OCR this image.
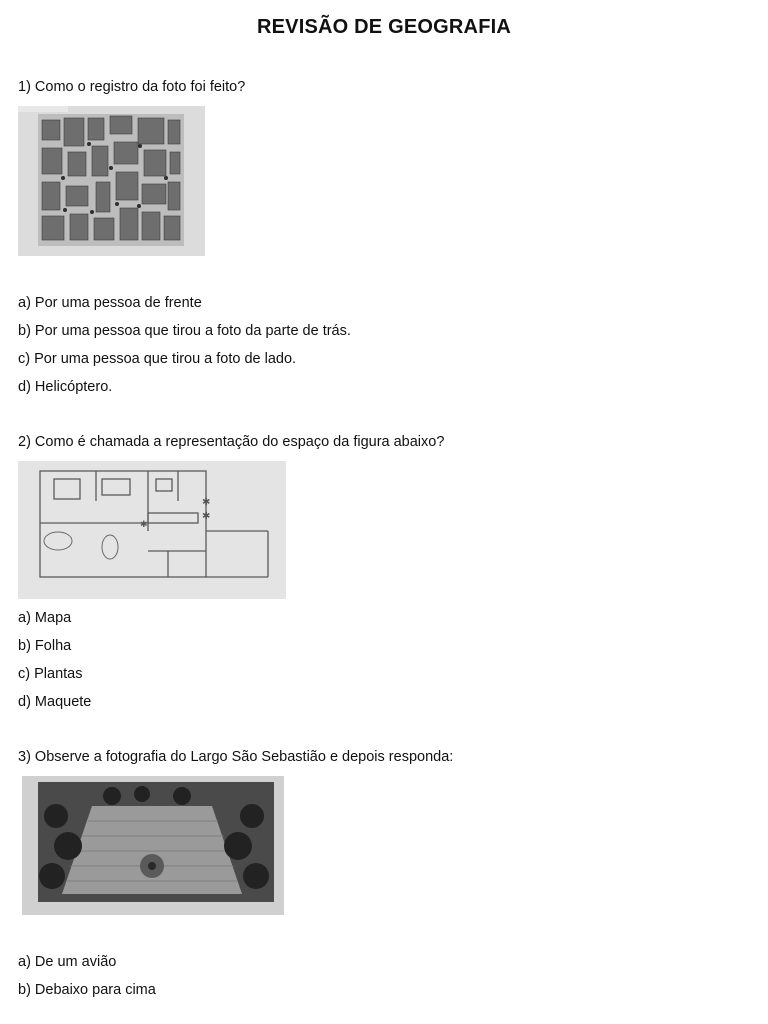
REVISÃO DE GEOGRAFIA
1) Como o registro da foto foi feito?
a) Por uma pessoa de frente
b) Por uma pessoa que tirou a foto da parte de trás.
c) Por uma pessoa que tirou a foto de lado.
d) Helicóptero.
2) Como é chamada a representação do espaço da figura abaixo?
✱
✱
✱
a) Mapa
b) Folha
c) Plantas
d) Maquete
3) Observe a fotografia do Largo São Sebastião e depois responda:
a) De um avião
b) Debaixo para cima
